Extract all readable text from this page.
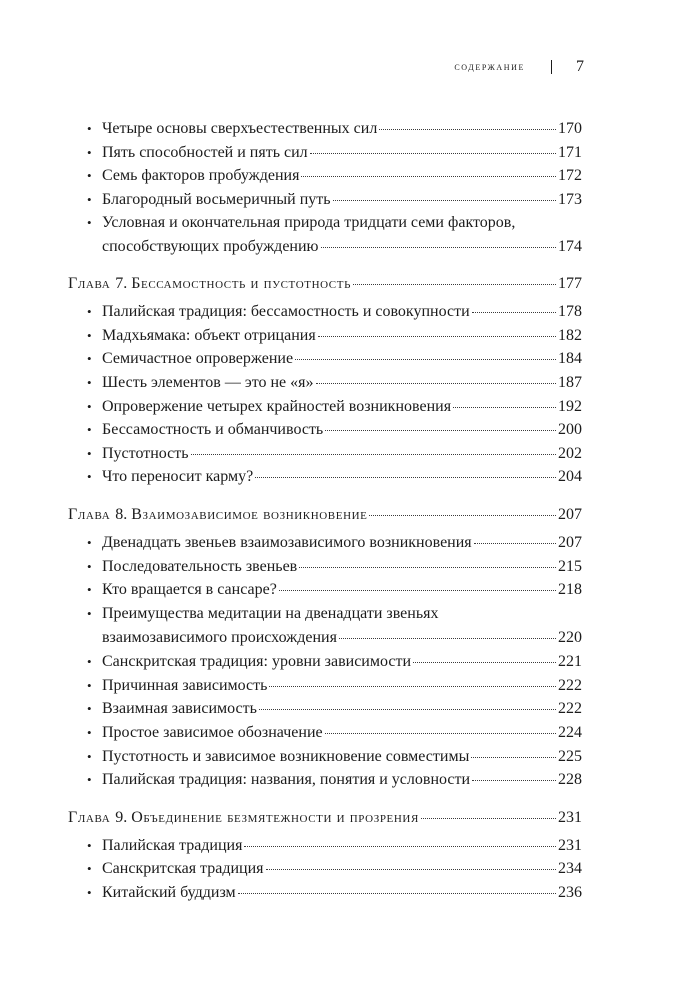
содержание	7
• Четыре основы сверхъестественных сил	170
• Пять способностей и пять сил	171
• Семь факторов пробуждения	172
• Благородный восьмеричный путь	173
• Условная и окончательная природа тридцати семи факторов,
способствующих пробуждению	174
Глава 7. Бессамостность и пустотность	177
• Палийская традиция: бессамостность и совокупности	178
• Мадхьямака: объект отрицания	182
• Семичастное опровержение	184
• Шесть элементов — это не «я»	187
• Опровержение четырех крайностей возникновения	192
• Бессамостность и обманчивость	200
• Пустотность	202
• Что переносит карму?	204
Глава 8. Взаимозависимое возникновение	207
• Двенадцать звеньев взаимозависимого возникновения	207
• Последовательность звеньев	215
• Кто вращается в сансаре?	218
• Преимущества медитации на двенадцати звеньях
взаимозависимого происхождения	220
• Санскритская традиция: уровни зависимости	221
• Причинная зависимость	222
• Взаимная зависимость	222
• Простое зависимое обозначение	224
• Пустотность и зависимое возникновение совместимы	225
• Палийская традиция: названия, понятия и условности	228
Глава 9. Объединение безмятежности и прозрения	231
• Палийская традиция	231
• Санскритская традиция	234
• Китайский буддизм	236
